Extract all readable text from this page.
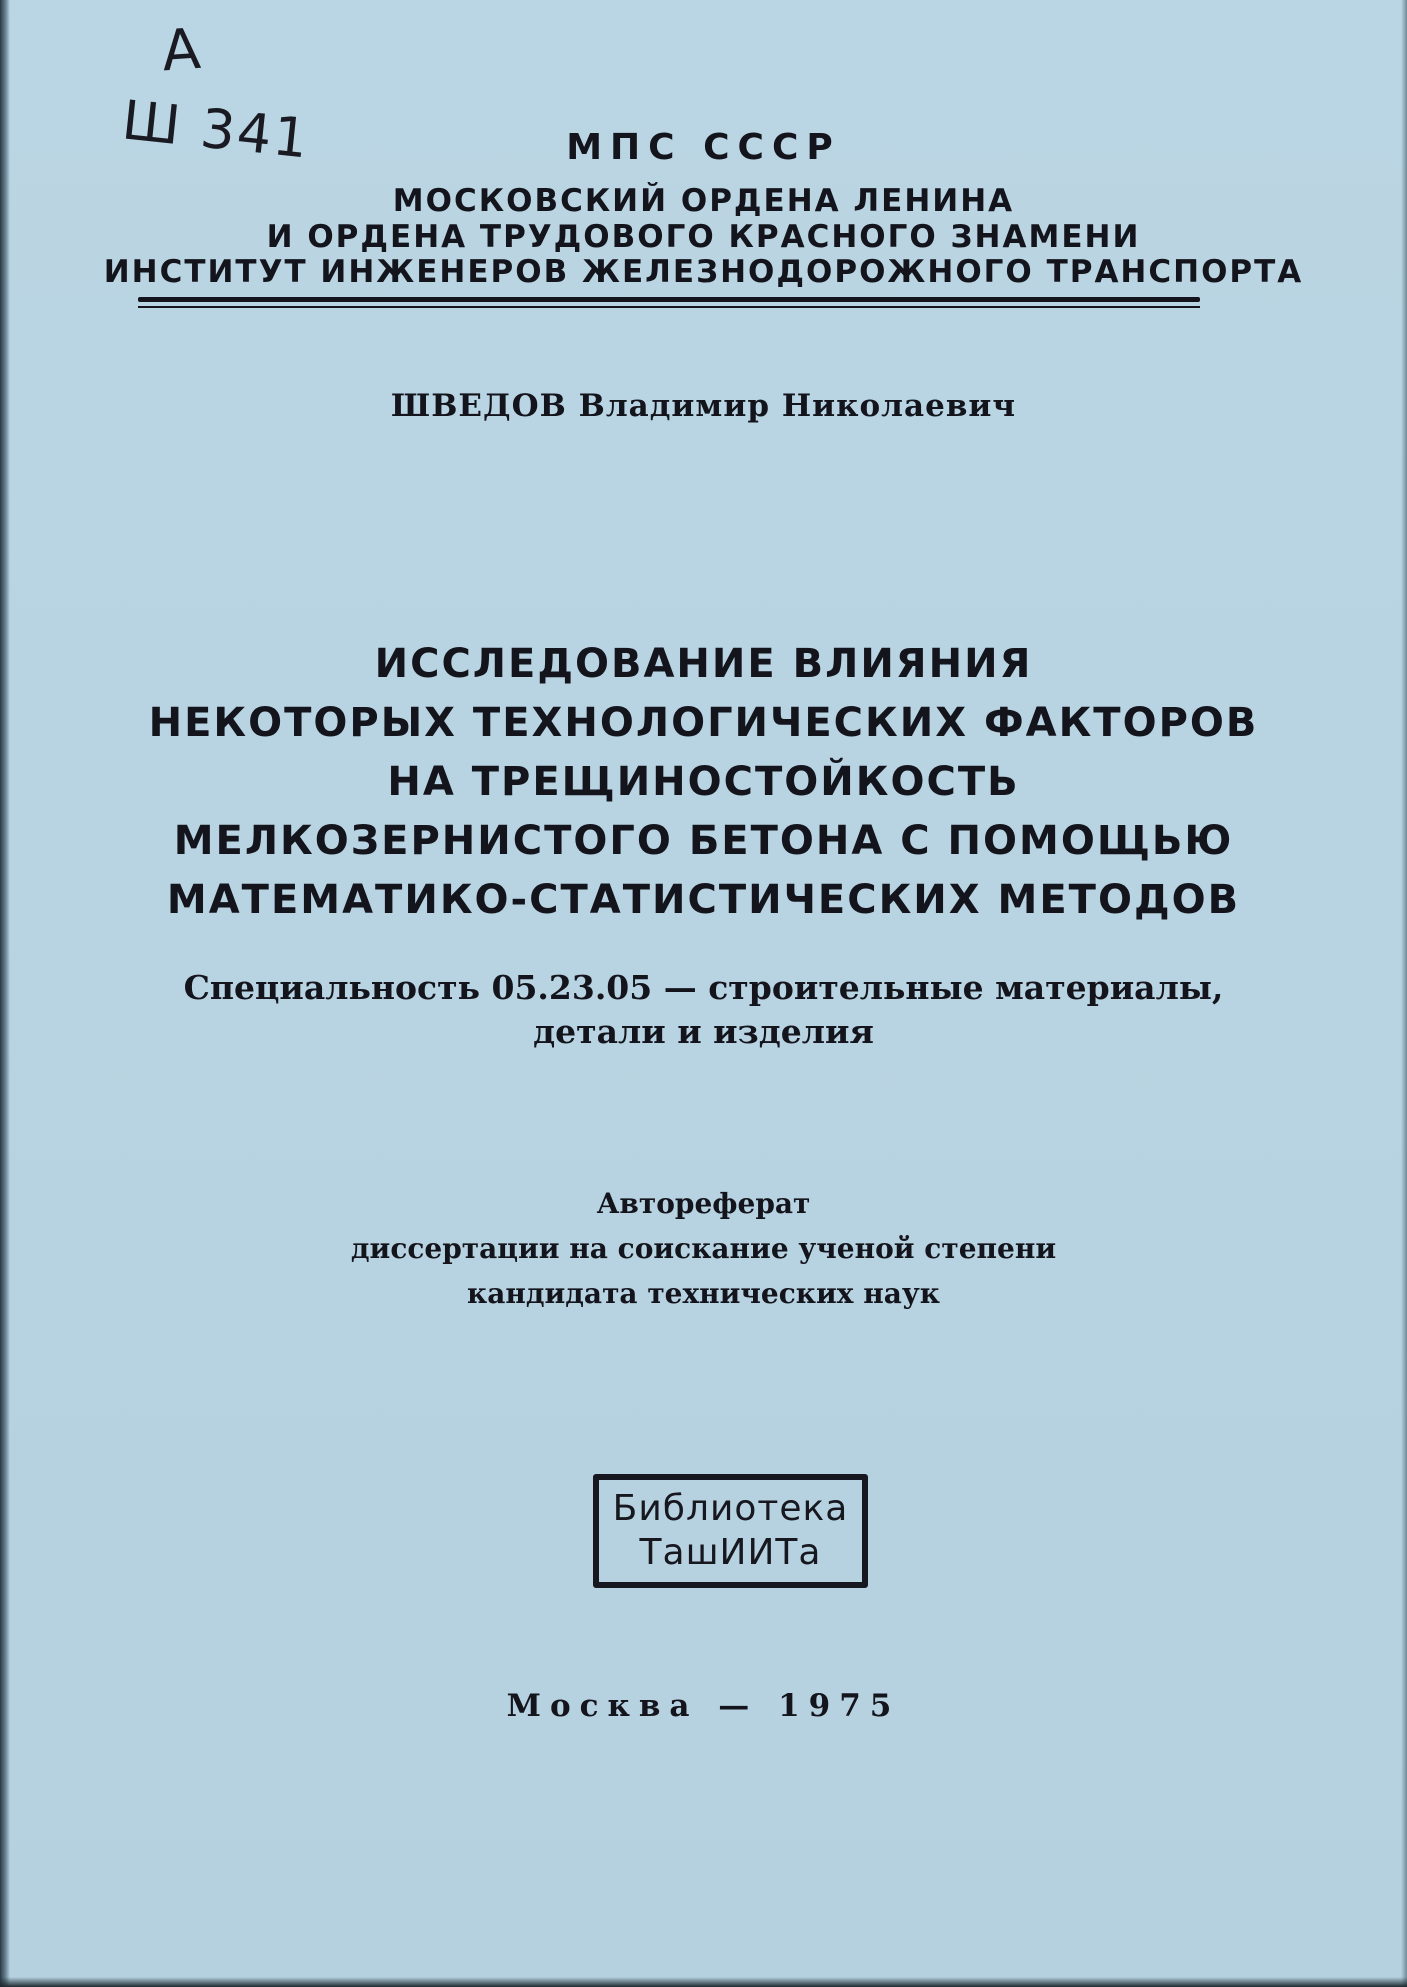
А
Ш 341	МПС СССР
МОСКОВСКИЙ ОРДЕНА ЛЕНИНА
И ОРДЕНА ТРУДОВОГО КРАСНОГО ЗНАМЕНИ
ИНСТИТУТ ИНЖЕНЕРОВ ЖЕЛЕЗНОДОРОЖНОГО ТРАНСПОРТА
ШВЕДОВ Владимир Николаевич
ИССЛЕДОВАНИЕ ВЛИЯНИЯ
НЕКОТОРЫХ ТЕХНОЛОГИЧЕСКИХ ФАКТОРОВ
НА ТРЕЩИНОСТОЙКОСТЬ
МЕЛКОЗЕРНИСТОГО БЕТОНА С ПОМОЩЬЮ
МАТЕМАТИКО-СТАТИСТИЧЕСКИХ МЕТОДОВ
Специальность 05.23.05 — строительные материалы,
детали и изделия
Автореферат
диссертации на соискание ученой степени
кандидата технических наук
Библиотека
ТашИИТа
Москва — 1975
